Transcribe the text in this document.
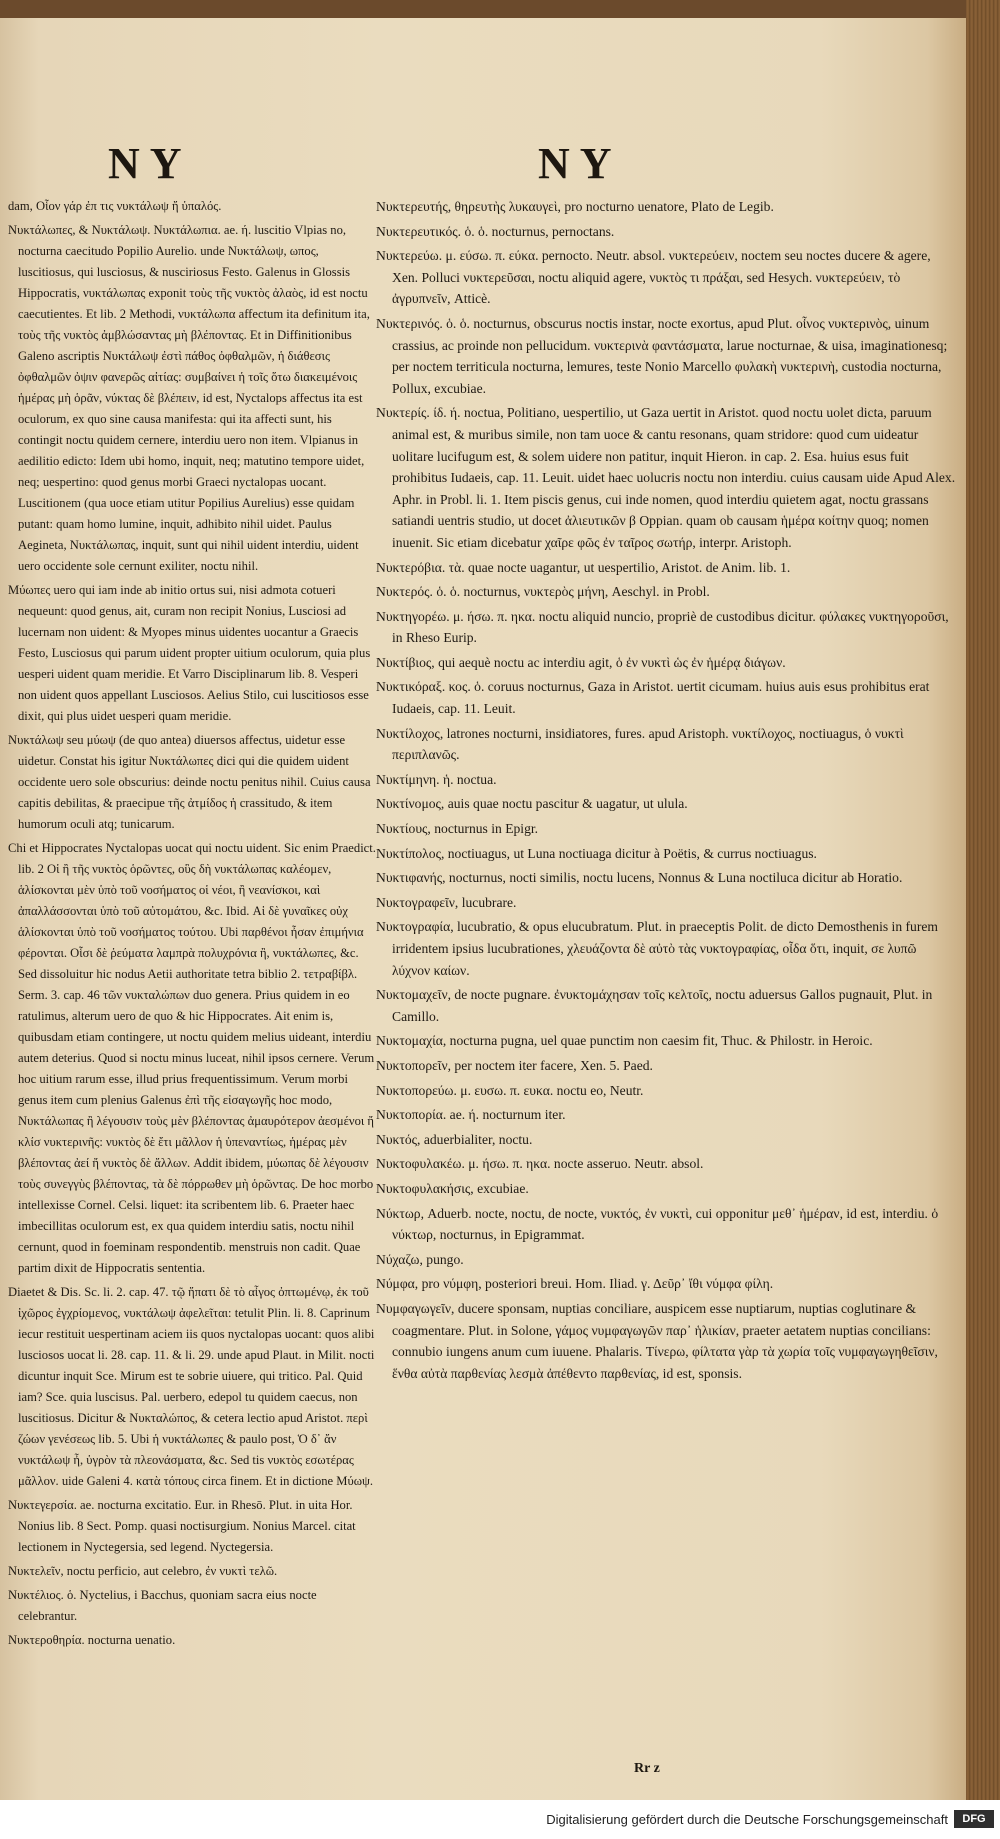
NY	NY

dam, Οἷον γάρ ἐπ τις νυκτάλωψ ἤ ὑπαλός.

Νυκτάλωπες, & Νυκτάλωψ. Νυκτάλωπια. ae. ή. luscitio Vlpias no, nocturna caecitudo Popilio Aurelio. unde Νυκτάλωψ, ωπος, luscitiosus, qui lusciosus, & nusciriosus Festo. Galenus in Glossis Hippocratis, νυκτάλωπας exponit τοὺς τῆς νυκτὸς ἀλαὸς, id est noctu caecutientes. Et lib. 2 Methodi, νυκτάλωπα affectum ita definitum ita, τοὺς τῆς νυκτὸς ἀμβλώσαντας μὴ βλέποντας. Et in Diffinitionibus Galeno ascriptis Νυκτάλωψ ἐστὶ πάθος ὀφθαλμῶν, ἡ διάθεσις ὀφθαλμῶν ὀψιν φανερῶς αἰτίας: συμβαίνει ἡ τοῖς ὅτω διακειμένοις ἡμέρας μὴ ὁρᾶν, νύκτας δὲ βλέπειν, id est, Nyctalops affectus ita est oculorum, ex quo sine causa manifesta: qui ita affecti sunt, his contingit noctu quidem cernere, interdiu uero non item. Vlpianus in aedilitio edicto: Idem ubi homo, inquit, neq; matutino tempore uidet, neq; uespertino: quod genus morbi Graeci nyctalopas uocant. Luscitionem (qua uoce etiam utitur Popilius Aurelius) esse quidam putant: quam homo lumine, inquit, adhibito nihil uidet. Paulus Aegineta, Νυκτάλωπας, inquit, sunt qui nihil uident interdiu, uident uero occidente sole cernunt exiliter, noctu nihil.

Μύωπες uero qui iam inde ab initio ortus sui, nisi admota cotueri nequeunt: quod genus, ait, curam non recipit Nonius, Lusciosi ad lucernam non uident: & Myopes minus uidentes uocantur a Graecis Festo, Lusciosus qui parum uident propter uitium oculorum, quia plus uesperi uident quam meridie. Et Varro Disciplinarum lib. 8. Vesperi non uident quos appellant Lusciosos. Aelius Stilo, cui luscitiosos esse dixit, qui plus uidet uesperi quam meridie.

Νυκτάλωψ seu μύωψ (de quo antea) diuersos affectus, uidetur esse uidetur. Constat his igitur Νυκτάλωπες dici qui die quidem uident occidente uero sole obscurius: deinde noctu penitus nihil. Cuius causa capitis debilitas, & praecipue τῆς ἀτμίδος ἡ crassitudo, & item humorum oculi atq; tunicarum.

Chi et Hippocrates Nyctalopas uocat qui noctu uident. Sic enim Praedict. lib. 2 Οἱ ἢ τῆς νυκτὸς ὁρῶντες, οὓς δὴ νυκτάλωπας καλέομεν, ἁλίσκονται μὲν ὑπὸ τοῦ νοσήματος οἱ νέοι, ἢ νεανίσκοι, καὶ ἀπαλλάσσονται ὑπὸ τοῦ αὐτομάτου, &c. Ibid. Αἱ δὲ γυναῖκες οὐχ ἁλίσκονται ὑπὸ τοῦ νοσήματος τούτου. Ubi παρθένοι ἦσαν ἐπιμήνια φέρονται. Οἷσι δὲ ῥεύματα λαμπρὰ πολυχρόνια ἢ, νυκτάλωπες, &c. Sed dissoluitur hic nodus Aetii authoritate tetra biblio 2. τετραβίβλ. Serm. 3. cap. 46 τῶν νυκταλώπων duo genera. Prius quidem in eo ratulimus, alterum uero de quo & hic Hippocrates. Ait enim is, quibusdam etiam contingere, ut noctu quidem melius uideant, interdiu autem deterius. Quod si noctu minus luceat, nihil ipsos cernere. Verum hoc uitium rarum esse, illud prius frequentissimum. Verum morbi genus item cum plenius Galenus ἐπὶ τῆς εἰσαγωγῆς hoc modo, Νυκτάλωπας ἢ λέγουσιν τοὺς μὲν βλέποντας ἀμαυρότερον ἀεσμένοι ἤ κλίσ νυκτερινῆς: νυκτὸς δὲ ἔτι μᾶλλον ἡ ὑπεναντίως, ἡμέρας μὲν βλέποντας ἀεί ἤ νυκτὸς δὲ ἄλλων. Addit ibidem, μύωπας δὲ λέγουσιν τοὺς συνεγγὺς βλέποντας, τὰ δὲ πόρρωθεν μὴ ὁρῶντας. De hoc morbo intellexisse Cornel. Celsi. liquet: ita scribentem lib. 6. Praeter haec imbecillitas oculorum est, ex qua quidem interdiu satis, noctu nihil cernunt, quod in foeminam respondentib. menstruis non cadit. Quae partim dixit de Hippocratis sententia.

Diaetet & Dis. Sc. li. 2. cap. 47. τῷ ἥπατι δὲ τὸ αἶγος ὀπτωμένῳ, ἐκ τοῦ ἰχῶρος ἐγχρίομενος, νυκτάλωψ ἀφελεῖται: tetulit Plin. li. 8. Caprinum iecur restituit uespertinam aciem iis quos nyctalopas uocant: quos alibi lusciosos uocat li. 28. cap. 11. & li. 29. unde apud Plaut. in Milit. nocti dicuntur inquit Sce. Mirum est te sobrie uiuere, qui tritico. Pal. Quid iam? Sce. quia luscisus. Pal. uerbero, edepol tu quidem caecus, non luscitiosus. Dicitur & Νυκταλώπος, & cetera lectio apud Aristot. περὶ ζώων γενέσεως lib. 5. Ubi ἡ νυκτάλωπες & paulo post, Ὁ δ᾽ ἄν νυκτάλωψ ἦ, ὑγρὸν τὰ πλεονάσματα, &c. Sed tis νυκτὸς εσωτέρας μᾶλλον. uide Galeni 4. κατὰ τόπους circa finem. Et in dictione Μύωψ.

Νυκτεγερσία. ae. nocturna excitatio. Eur. in Rhesō. Plut. in uita Hor. Nonius lib. 8 Sect. Pomp. quasi noctisurgium. Nonius Marcel. citat lectionem in Nyctegersia, sed legend. Nyctegersia.

Νυκτελεῖν, noctu perficio, aut celebro, ἐν νυκτὶ τελῶ.

Νυκτέλιος. ὁ. Nyctelius, i Bacchus, quoniam sacra eius nocte celebrantur.

Νυκτεροθηρία. nocturna uenatio.

Νυκτερευτής, θηρευτὴς λυκαυγεὶ, pro nocturno uenatore, Plato de Legib.

Νυκτερευτικός. ὁ. ὁ. nocturnus, pernoctans.

Νυκτερεύω. μ. εύσω. π. εύκα. pernocto. Neutr. absol. νυκτερεύειν, noctem seu noctes ducere & agere, Xen. Polluci νυκτερεῦσαι, noctu aliquid agere, νυκτὸς τι πράξαι, sed Hesych. νυκτερεύειν, τὸ ἀγρυπνεῖν, Atticè.

Νυκτερινός. ὁ. ὁ. nocturnus, obscurus noctis instar, nocte exortus, apud Plut. οἶνος νυκτερινὸς, uinum crassius, ac proinde non pellucidum. νυκτερινὰ φαντάσματα, larue nocturnae, & uisa, imaginationesq; per noctem territicula nocturna, lemures, teste Nonio Marcello φυλακὴ νυκτερινὴ, custodia nocturna, Pollux, excubiae.

Νυκτερίς. ίδ. ή. noctua, Politiano, uespertilio, ut Gaza uertit in Aristot. quod noctu uolet dicta, paruum animal est, & muribus simile, non tam uoce & cantu resonans, quam stridore: quod cum uideatur uolitare lucifugum est, & solem uidere non patitur, inquit Hieron. in cap. 2. Esa. huius esus fuit prohibitus Iudaeis, cap. 11. Leuit. uidet haec uolucris noctu non interdiu. cuius causam uide Apud Alex. Aphr. in Probl. li. 1. Item piscis genus, cui inde nomen, quod interdiu quietem agat, noctu grassans satiandi uentris studio, ut docet ἀλιευτικῶν β Oppian. quam ob causam ἡμέρα κοίτην quoq; nomen inuenit. Sic etiam dicebatur χαῖρε φῶς ἐν ταῖρος σωτήρ, interpr. Aristoph.

Νυκτερόβια. τὰ. quae nocte uagantur, ut uespertilio, Aristot. de Anim. lib. 1.

Νυκτερός. ὁ. ὁ. nocturnus, νυκτερὸς μήνη, Aeschyl. in Probl.

Νυκτηγορέω. μ. ήσω. π. ηκα. noctu aliquid nuncio, propriè de custodibus dicitur. φύλακες νυκτηγοροῦσι, in Rheso Eurip.

Νυκτίβιος, qui aequè noctu ac interdiu agit, ὁ ἐν νυκτὶ ὡς ἐν ἡμέρᾳ διάγων.

Νυκτικόραξ. κος. ὁ. coruus nocturnus, Gaza in Aristot. uertit cicumam. huius auis esus prohibitus erat Iudaeis, cap. 11. Leuit.

Νυκτίλοχος, latrones nocturni, insidiatores, fures. apud Aristoph. νυκτίλοχος, noctiuagus, ὁ νυκτὶ περιπλανῶς.

Νυκτίμηνη. ἡ. noctua.

Νυκτίνομος, auis quae noctu pascitur & uagatur, ut ulula.

Νυκτίους, nocturnus in Epigr.

Νυκτίπολος, noctiuagus, ut Luna noctiuaga dicitur à Poëtis, & currus noctiuagus.

Νυκτιφανής, nocturnus, nocti similis, noctu lucens, Nonnus & Luna noctiluca dicitur ab Horatio.

Νυκτογραφεῖν, lucubrare.

Νυκτογραφία, lucubratio, & opus elucubratum. Plut. in praeceptis Polit. de dicto Demosthenis in furem irridentem ipsius lucubrationes, χλευάζοντα δὲ αὐτὸ τὰς νυκτογραφίας, οἶδα ὅτι, inquit, σε λυπῶ λύχνον καίων.

Νυκτομαχεῖν, de nocte pugnare. ἐνυκτομάχησαν τοῖς κελτοῖς, noctu aduersus Gallos pugnauit, Plut. in Camillo.

Νυκτομαχία, nocturna pugna, uel quae punctim non caesim fit, Thuc. & Philostr. in Heroic.

Νυκτοπορεῖν, per noctem iter facere, Xen. 5. Paed.

Νυκτοπορεύω. μ. ευσω. π. ευκα. noctu eo, Neutr.

Νυκτοπορία. ae. ή. nocturnum iter.

Νυκτός, aduerbialiter, noctu.

Νυκτοφυλακέω. μ. ήσω. π. ηκα. nocte asseruo. Neutr. absol.

Νυκτοφυλακήσις, excubiae.

Νύκτωρ, Aduerb. nocte, noctu, de nocte, νυκτός, ἐν νυκτὶ, cui opponitur μεθ᾽ ἡμέραν, id est, interdiu. ὁ νύκτωρ, nocturnus, in Epigrammat.

Νύχαζω, pungo.

Νύμφα, pro νύμφη, posteriori breui. Hom. Iliad. γ. Δεῦρ᾽ ἴθι νύμφα φίλη.

Νυμφαγωγεῖν, ducere sponsam, nuptias conciliare, auspicem esse nuptiarum, nuptias coglutinare & coagmentare. Plut. in Solone, γάμος νυμφαγωγῶν παρ᾽ ἡλικίαν, praeter aetatem nuptias concilians: connubio iungens anum cum iuuene. Phalaris. Τίνερω, φίλτατα γὰρ τὰ χωρία τοῖς νυμφαγωγηθεῖσιν, ἕνθα αὐτὰ παρθενίας λεσμὰ ἀπέθεντο παρθενίας, id est, sponsis.

Rr z
Digitalisierung gefördert durch die Deutsche Forschungsgemeinschaft	DFG
